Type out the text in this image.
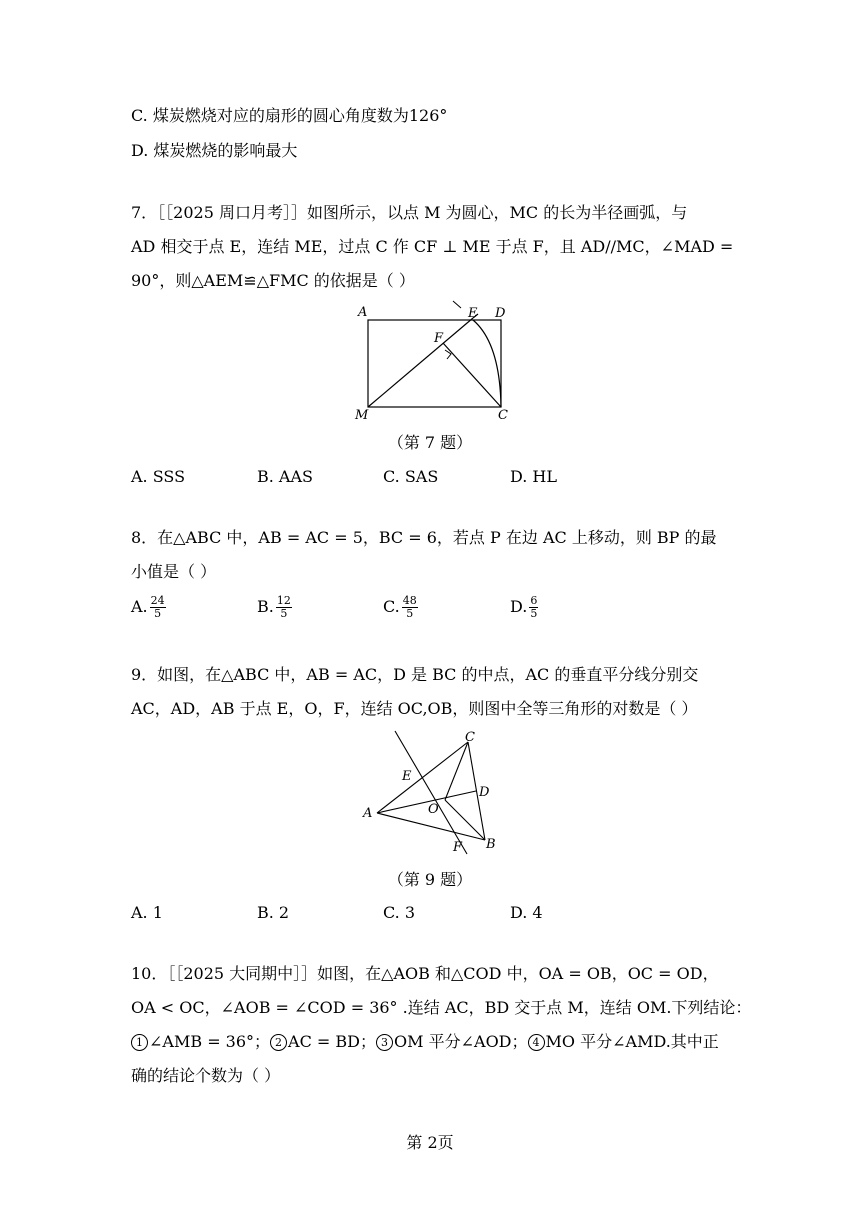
C. 煤炭燃烧对应的扇形的圆心角度数为126°
D. 煤炭燃烧的影响最大
7．［［2025 周口月考］］如图所示，以点 M 为圆心，MC 的长为半径画弧，与
AD 相交于点 E，连结 ME，过点 C 作 CF ⊥ ME 于点 F，且 AD//MC，∠MAD =
90°，则△AEM≌△FMC 的依据是（ ）
A	E D
F
M	C
（第 7 题）
A. SSS	B. AAS	C. SAS	D. HL
8．在△ABC 中，AB = AC = 5，BC = 6，若点 P 在边 AC 上移动，则 BP 的最
小值是（ ）
A. $\frac{24}{5}$	B. $\frac{12}{5}$	C. $\frac{48}{5}$	D. $\frac{6}{5}$
9．如图，在△ABC 中，AB = AC，D 是 BC 的中点，AC 的垂直平分线分别交
AC，AD，AB 于点 E，O，F，连结 OC,OB，则图中全等三角形的对数是（ ）
C
E
D
A	O
F B
（第 9 题）
A. 1	B. 2	C. 3	D. 4
10．［［2025 大同期中］］如图，在△AOB 和△COD 中，OA = OB，OC = OD，
OA < OC，∠AOB = ∠COD = 36° .连结 AC，BD 交于点 M，连结 OM.下列结论：
1 ∠AMB = 36°； 2 AC = BD； 3 OM 平分∠AOD； 4 MO 平分∠AMD.其中正
确的结论个数为（ ）
第 2页
